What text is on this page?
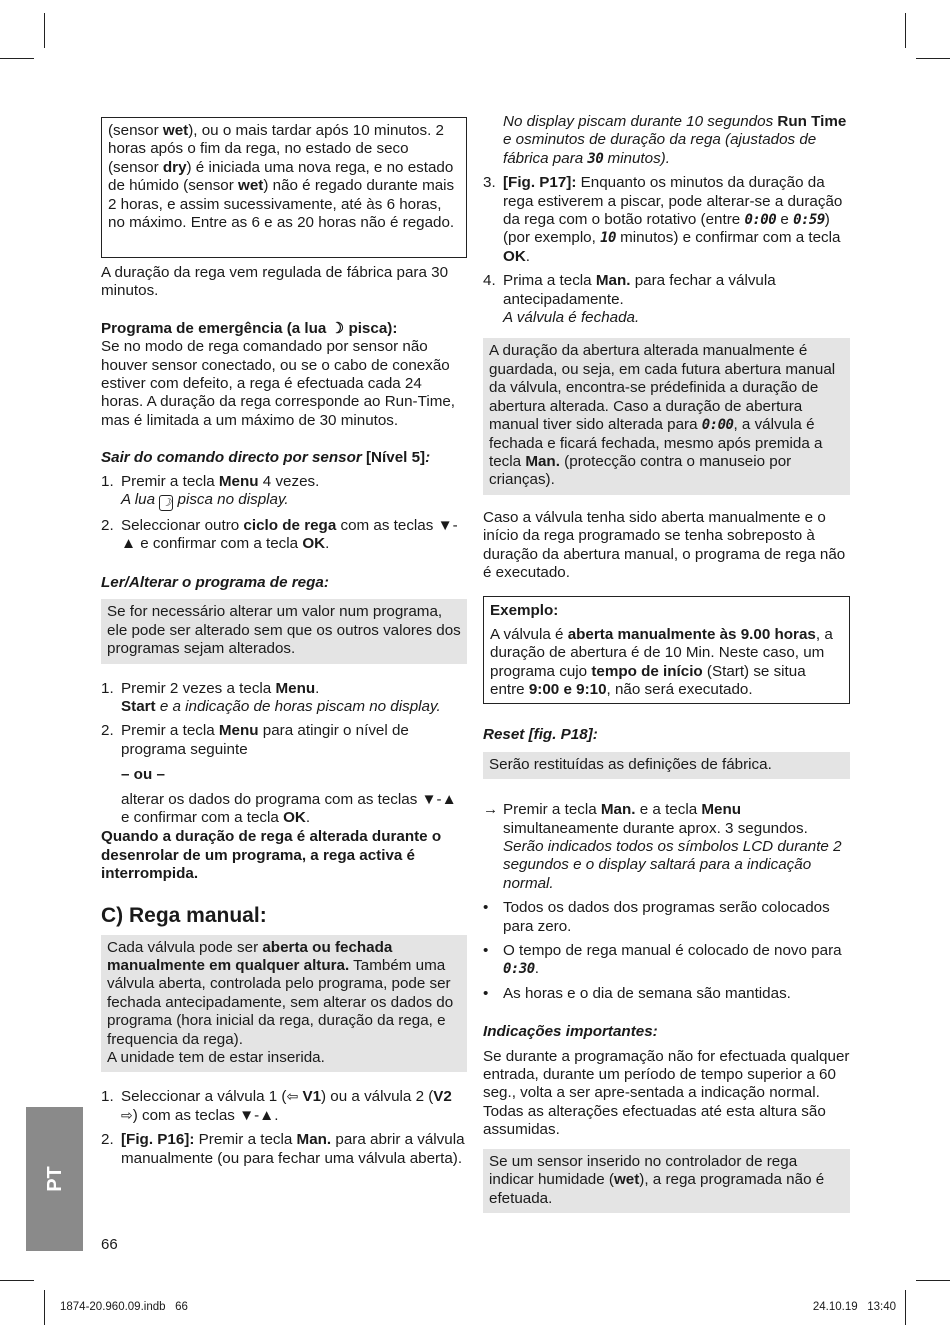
(sensor wet), ou o mais tardar após 10 minutos. 2 horas após o fim da rega, no estado de seco (sensor dry) é iniciada uma nova rega, e no estado de húmido (sensor wet) não é regado durante mais 2 horas, e assim sucessivamente, até às 6 horas, no máximo. Entre as 6 e as 20 horas não é regado.

A duração da rega vem regulada de fábrica para 30 minutos.

Programa de emergência (a lua ☽ pisca):

Se no modo de rega comandado por sensor não houver sensor conectado, ou se o cabo de conexão estiver com defeito, a rega é efectuada cada 24 horas. A duração da rega corresponde ao Run-Time, mas é limitada a um máximo de 30 minutos.

Sair do comando directo por sensor [Nível 5]:

1. Premir a tecla Menu 4 vezes.
A lua ☽ pisca no display.
2. Seleccionar outro ciclo de rega com as teclas ▼-▲ e confirmar com a tecla OK.

Ler/Alterar o programa de rega:

Se for necessário alterar um valor num programa, ele pode ser alterado sem que os outros valores dos programas sejam alterados.

1. Premir 2 vezes a tecla Menu.
Start e a indicação de horas piscam no display.
2. Premir a tecla Menu para atingir o nível de programa seguinte
– ou –
alterar os dados do programa com as teclas ▼-▲ e confirmar com a tecla OK.

Quando a duração de rega é alterada durante o desenrolar de um programa, a rega activa é interrompida.

C) Rega manual:

Cada válvula pode ser aberta ou fechada manualmente em qualquer altura. Também uma válvula aberta, controlada pelo programa, pode ser fechada antecipadamente, sem alterar os dados do programa (hora inicial da rega, duração da rega, e frequencia da rega).

A unidade tem de estar inserida.

1. Seleccionar a válvula 1 (⇦ V1) ou a válvula 2 (V2 ⇨) com as teclas ▼-▲.
2. [Fig. P16]: Premir a tecla Man. para abrir a válvula manualmente (ou para fechar uma válvula aberta).
No display piscam durante 10 segundos Run Time e osminutos de duração da rega (ajustados de fábrica para 30 minutos).
3. [Fig. P17]: Enquanto os minutos da duração da rega estiverem a piscar, pode alterar-se a duração da rega com o botão rotativo (entre 0:00 e 0:59) (por exemplo, 10 minutos) e confirmar com a tecla OK.
4. Prima a tecla Man. para fechar a válvula antecipadamente.
A válvula é fechada.

A duração da abertura alterada manualmente é guardada, ou seja, em cada futura abertura manual da válvula, encontra-se prédefinida a duração de abertura alterada. Caso a duração de abertura manual tiver sido alterada para 0:00, a válvula é fechada e ficará fechada, mesmo após premida a tecla Man. (protecção contra o manuseio por crianças).

Caso a válvula tenha sido aberta manualmente e o início da rega programado se tenha sobreposto à duração da abertura manual, o programa de rega não é executado.

Exemplo:

A válvula é aberta manualmente às 9.00 horas, a duração de abertura é de 10 Min. Neste caso, um programa cujo tempo de início (Start) se situa entre 9:00 e 9:10, não será executado.

Reset [fig. P18]:

Serão restituídas as definições de fábrica.

→ Premir a tecla Man. e a tecla Menu simultaneamente durante aprox. 3 segundos.
Serão indicados todos os símbolos LCD durante 2 segundos e o display saltará para a indicação normal.
• Todos os dados dos programas serão colocados para zero.
• O tempo de rega manual é colocado de novo para 0:30.
• As horas e o dia de semana são mantidas.

Indicações importantes:

Se durante a programação não for efectuada qualquer entrada, durante um período de tempo superior a 60 seg., volta a ser apre-sentada a indicação normal. Todas as alterações efectuadas até esta altura são assumidas.

Se um sensor inserido no controlador de rega indicar humidade (wet), a rega programada não é efetuada.

PT
66
1874-20.960.09.indb   66	24.10.19   13:40
